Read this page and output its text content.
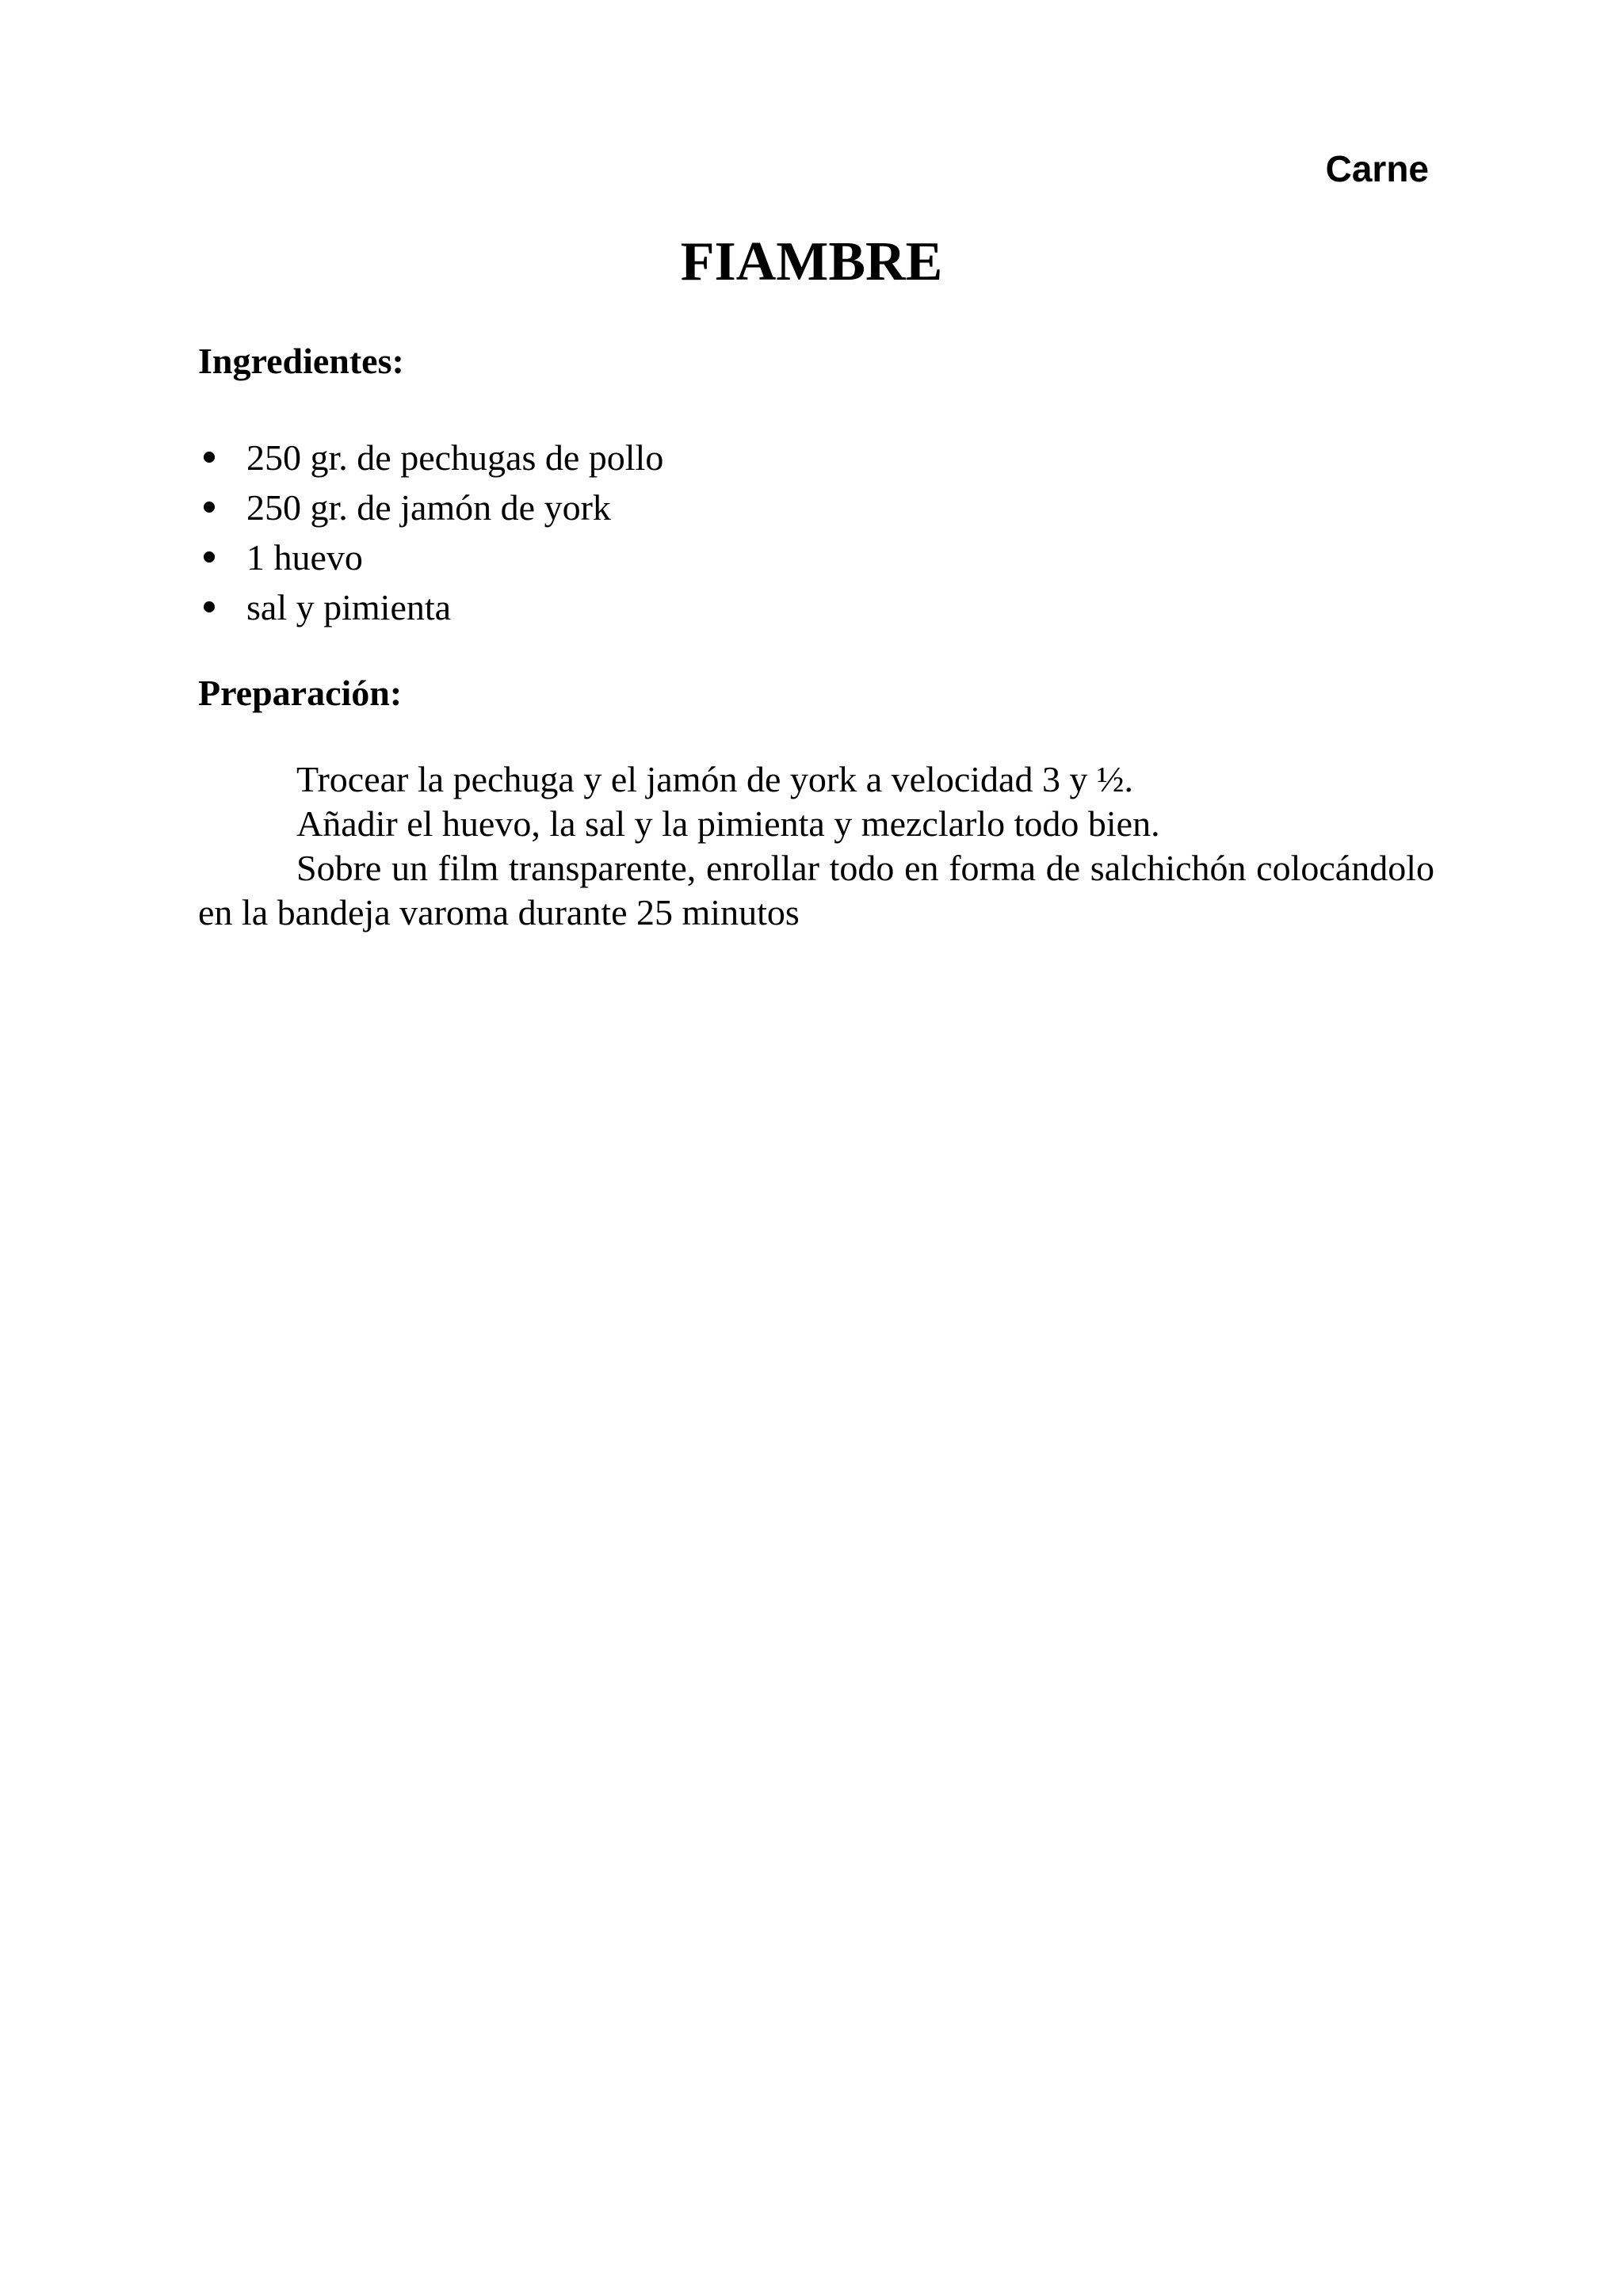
Carne

FIAMBRE
Ingredientes:
250 gr. de pechugas de pollo
250 gr. de jamón de york
1 huevo
sal y pimienta
Preparación:

Trocear la pechuga y el jamón de york a velocidad 3 y ½.

Añadir el huevo, la sal y la pimienta y mezclarlo todo bien.

Sobre un film transparente, enrollar todo en forma de salchichón colocándolo en la bandeja varoma durante 25 minutos
